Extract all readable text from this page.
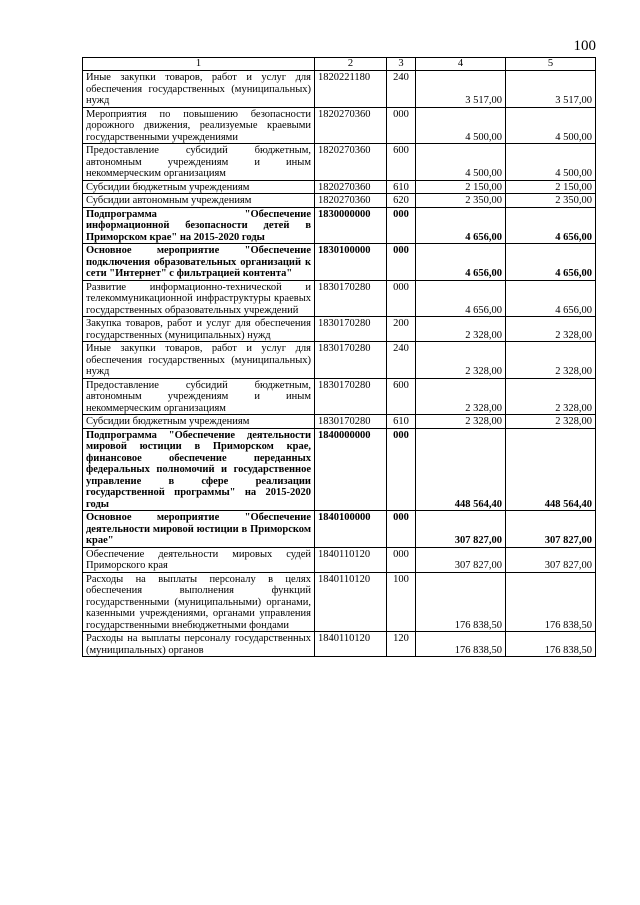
100
1	2	3	4	5
Иные закупки товаров, работ и услуг для обеспечения государственных (муниципальных) нужд	1820221180	240	3 517,00	3 517,00
Мероприятия по повышению безопасности дорожного движения, реализуемые краевыми государственными учреждениями	1820270360	000	4 500,00	4 500,00
Предоставление субсидий бюджетным, автономным учреждениям и иным некоммерческим организациям	1820270360	600	4 500,00	4 500,00
Субсидии бюджетным учреждениям	1820270360	610	2 150,00	2 150,00
Субсидии автономным учреждениям	1820270360	620	2 350,00	2 350,00
Подпрограмма "Обеспечение информационной безопасности детей в Приморском крае" на 2015-2020 годы	1830000000	000	4 656,00	4 656,00
Основное мероприятие "Обеспечение подключения образовательных организаций к сети "Интернет" с фильтрацией контента"	1830100000	000	4 656,00	4 656,00
Развитие информационно-технической и телекоммуникационной инфраструктуры краевых государственных образовательных учреждений	1830170280	000	4 656,00	4 656,00
Закупка товаров, работ и услуг для обеспечения государственных (муниципальных) нужд	1830170280	200	2 328,00	2 328,00
Иные закупки товаров, работ и услуг для обеспечения государственных (муниципальных) нужд	1830170280	240	2 328,00	2 328,00
Предоставление субсидий бюджетным, автономным учреждениям и иным некоммерческим организациям	1830170280	600	2 328,00	2 328,00
Субсидии бюджетным учреждениям	1830170280	610	2 328,00	2 328,00
Подпрограмма "Обеспечение деятельности мировой юстиции в Приморском крае, финансовое обеспечение переданных федеральных полномочий и государственное управление в сфере реализации государственной программы" на 2015-2020 годы	1840000000	000	448 564,40	448 564,40
Основное мероприятие "Обеспечение деятельности мировой юстиции в Приморском крае"	1840100000	000	307 827,00	307 827,00
Обеспечение деятельности мировых судей Приморского края	1840110120	000	307 827,00	307 827,00
Расходы на выплаты персоналу в целях обеспечения выполнения функций государственными (муниципальными) органами, казенными учреждениями, органами управления государственными внебюджетными фондами	1840110120	100	176 838,50	176 838,50
Расходы на выплаты персоналу государственных (муниципальных) органов	1840110120	120	176 838,50	176 838,50
